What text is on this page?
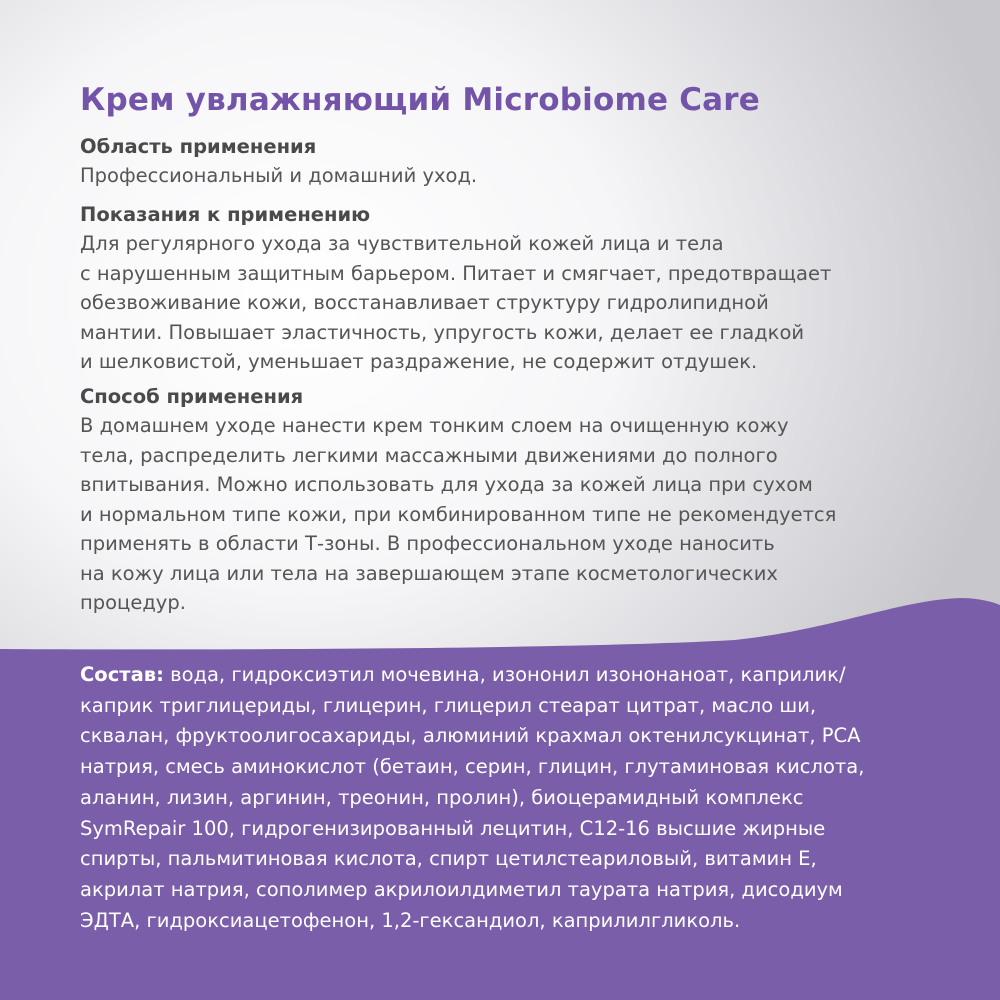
Крем увлажняющий Microbiome Care
Область применения
Профессиональный и домашний уход.
Показания к применению
Для регулярного ухода за чувствительной кожей лица и тела
с нарушенным защитным барьером. Питает и смягчает, предотвращает
обезвоживание кожи, восстанавливает структуру гидролипидной
мантии. Повышает эластичность, упругость кожи, делает ее гладкой
и шелковистой, уменьшает раздражение, не содержит отдушек.
Способ применения
В домашнем уходе нанести крем тонким слоем на очищенную кожу
тела, распределить легкими массажными движениями до полного
впитывания. Можно использовать для ухода за кожей лица при сухом
и нормальном типе кожи, при комбинированном типе не рекомендуется
применять в области Т-зоны. В профессиональном уходе наносить
на кожу лица или тела на завершающем этапе косметологических
процедур.
Состав: вода, гидроксиэтил мочевина, изононил изононаноат, каприлик/
каприк триглицериды, глицерин, глицерил стеарат цитрат, масло ши,
сквалан, фруктоолигосахариды, алюминий крахмал октенилсукцинат, PCA
натрия, смесь аминокислот (бетаин, серин, глицин, глутаминовая кислота,
аланин, лизин, аргинин, треонин, пролин), биоцерамидный комплекс
SymRepair 100, гидрогенизированный лецитин, С12-16 высшие жирные
спирты, пальмитиновая кислота, спирт цетилстеариловый, витамин Е,
акрилат натрия, сополимер акрилоилдиметил таурата натрия, дисодиум
ЭДТА, гидроксиацетофенон, 1,2-гександиол, каприлилгликоль.
